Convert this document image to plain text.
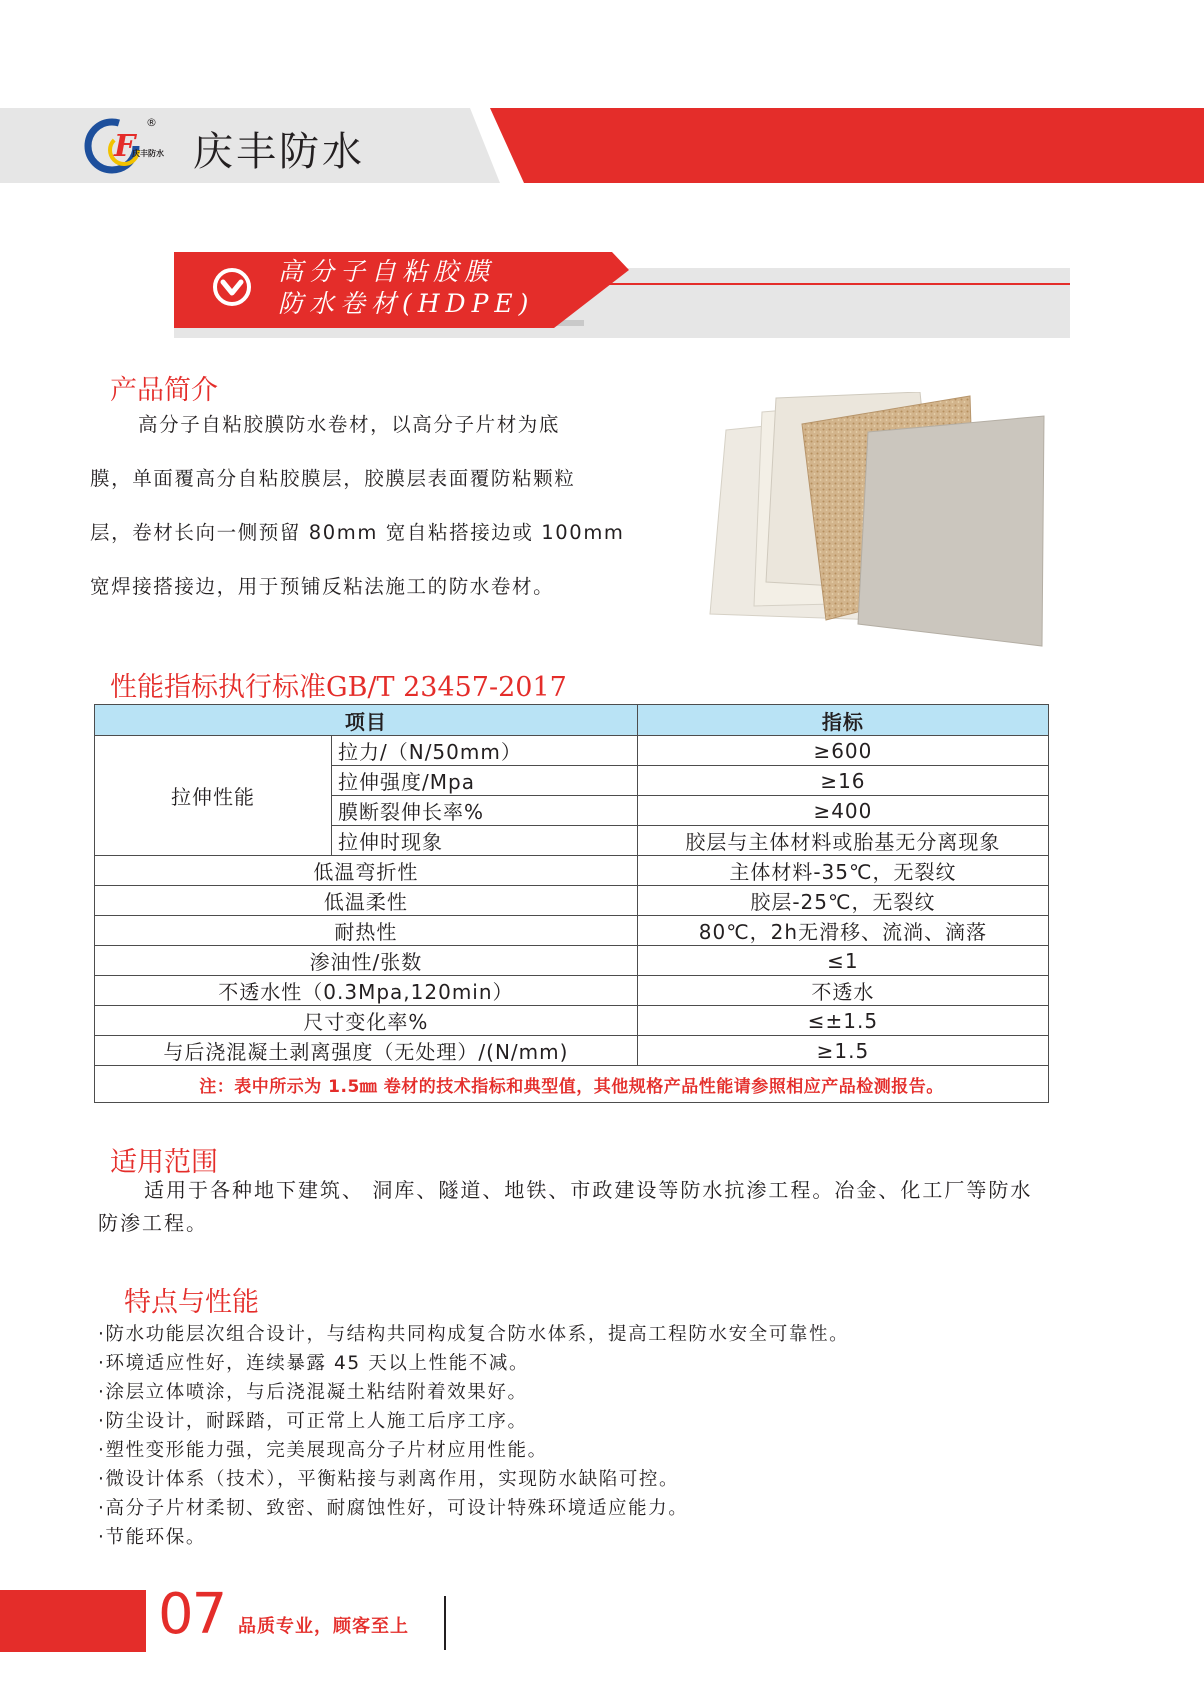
F
庆丰防水
®
庆丰防水
高分子自粘胶膜
防水卷材(HDPE)
产品简介
高分子自粘胶膜防水卷材，以高分子片材为底
膜，单面覆高分自粘胶膜层，胶膜层表面覆防粘颗粒
层，卷材长向一侧预留 80mm 宽自粘搭接边或 100mm
宽焊接搭接边，用于预铺反粘法施工的防水卷材。
性能指标执行标准GB/T 23457-2017
项目		指标
拉伸性能	拉力/（N/50mm）	≥600
	拉伸强度/Mpa	≥16
	膜断裂伸长率%	≥400
	拉伸时现象	胶层与主体材料或胎基无分离现象
低温弯折性		主体材料-35℃，无裂纹
低温柔性		胶层-25℃，无裂纹
耐热性		80℃，2h无滑移、流淌、滴落
渗油性/张数		≤1
不透水性（0.3Mpa,120min）		不透水
尺寸变化率%		≤±1.5
与后浇混凝土剥离强度（无处理）/(N/mm)		≥1.5
注：表中所示为 1.5㎜ 卷材的技术指标和典型值，其他规格产品性能请参照相应产品检测报告。		
适用范围
适用于各种地下建筑、 洞库、隧道、地铁、市政建设等防水抗渗工程。冶金、化工厂等防水
防渗工程。
特点与性能
·防水功能层次组合设计，与结构共同构成复合防水体系，提高工程防水安全可靠性。
·环境适应性好，连续暴露 45 天以上性能不减。
·涂层立体喷涂，与后浇混凝土粘结附着效果好。
·防尘设计，耐踩踏，可正常上人施工后序工序。
·塑性变形能力强，完美展现高分子片材应用性能。
·微设计体系（技术），平衡粘接与剥离作用，实现防水缺陷可控。
·高分子片材柔韧、致密、耐腐蚀性好，可设计特殊环境适应能力。
·节能环保。
07 品质专业，顾客至上
